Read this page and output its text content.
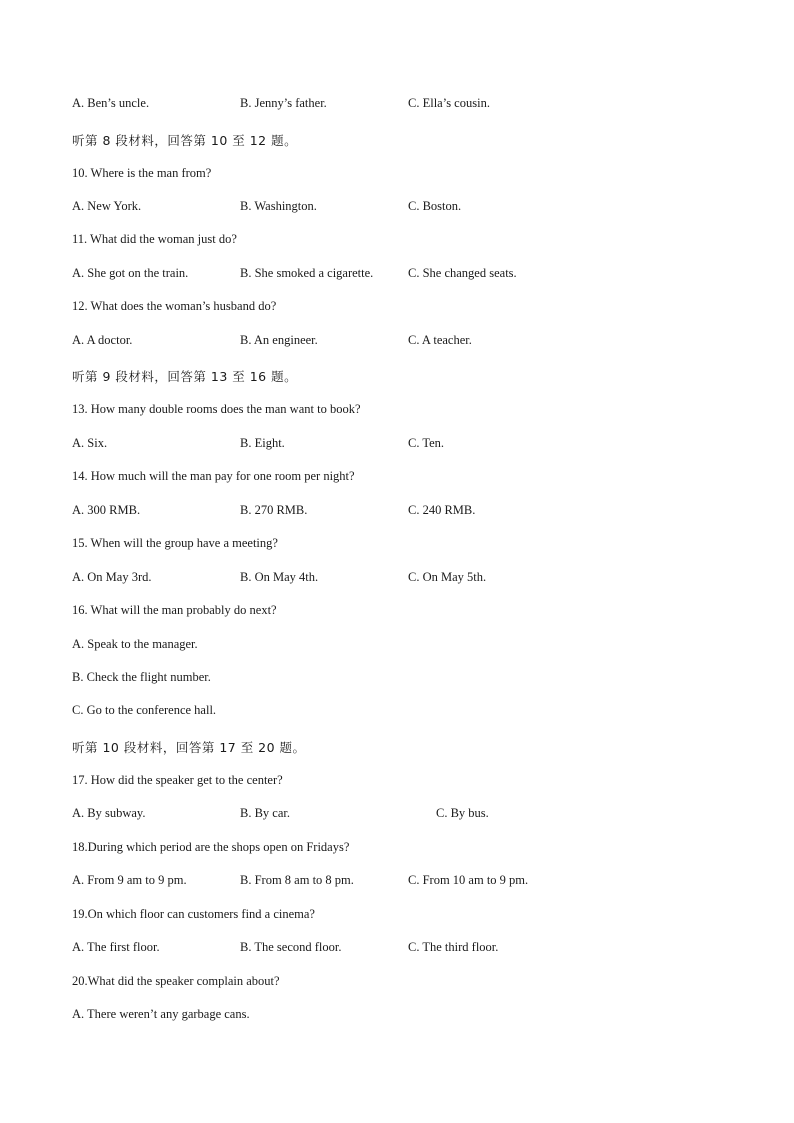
A. Ben’s uncle.	B. Jenny’s father.	C. Ella’s cousin.
听第 8 段材料，回答第 10 至 12 题。
10. Where is the man from?
A. New York.	B. Washington.	C. Boston.
11. What did the woman just do?
A. She got on the train.	B. She smoked a cigarette.	C. She changed seats.
12. What does the woman’s husband do?
A. A doctor.	B. An engineer.	C. A teacher.
听第 9 段材料，回答第 13 至 16 题。
13. How many double rooms does the man want to book?
A. Six.	B. Eight.	C. Ten.
14. How much will the man pay for one room per night?
A. 300 RMB.	B. 270 RMB.	C. 240 RMB.
15. When will the group have a meeting?
A. On May 3rd.	B. On May 4th.	C. On May 5th.
16. What will the man probably do next?
A. Speak to the manager.
B. Check the flight number.
C. Go to the conference hall.
听第 10 段材料，回答第 17 至 20 题。
17. How did the speaker get to the center?
A. By subway.	B. By car.	C. By bus.
18.During which period are the shops open on Fridays?
A. From 9 am to 9 pm.	B. From 8 am to 8 pm.	C. From 10 am to 9 pm.
19.On which floor can customers find a cinema?
A. The first floor.	B. The second floor.	C. The third floor.
20.What did the speaker complain about?
A. There weren’t any garbage cans.
